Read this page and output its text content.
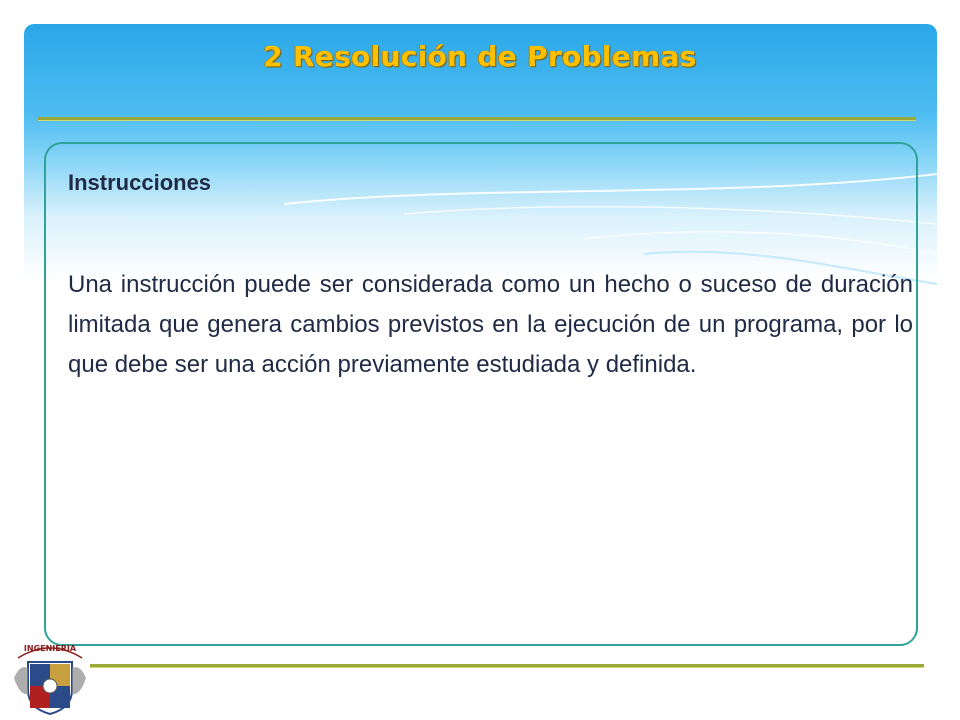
2 Resolución de Problemas
Instrucciones
Una instrucción puede ser considerada como un hecho o suceso de duración limitada que genera cambios previstos en la ejecución de un programa, por lo que debe ser una acción previamente estudiada y definida.
INGENIERIA
